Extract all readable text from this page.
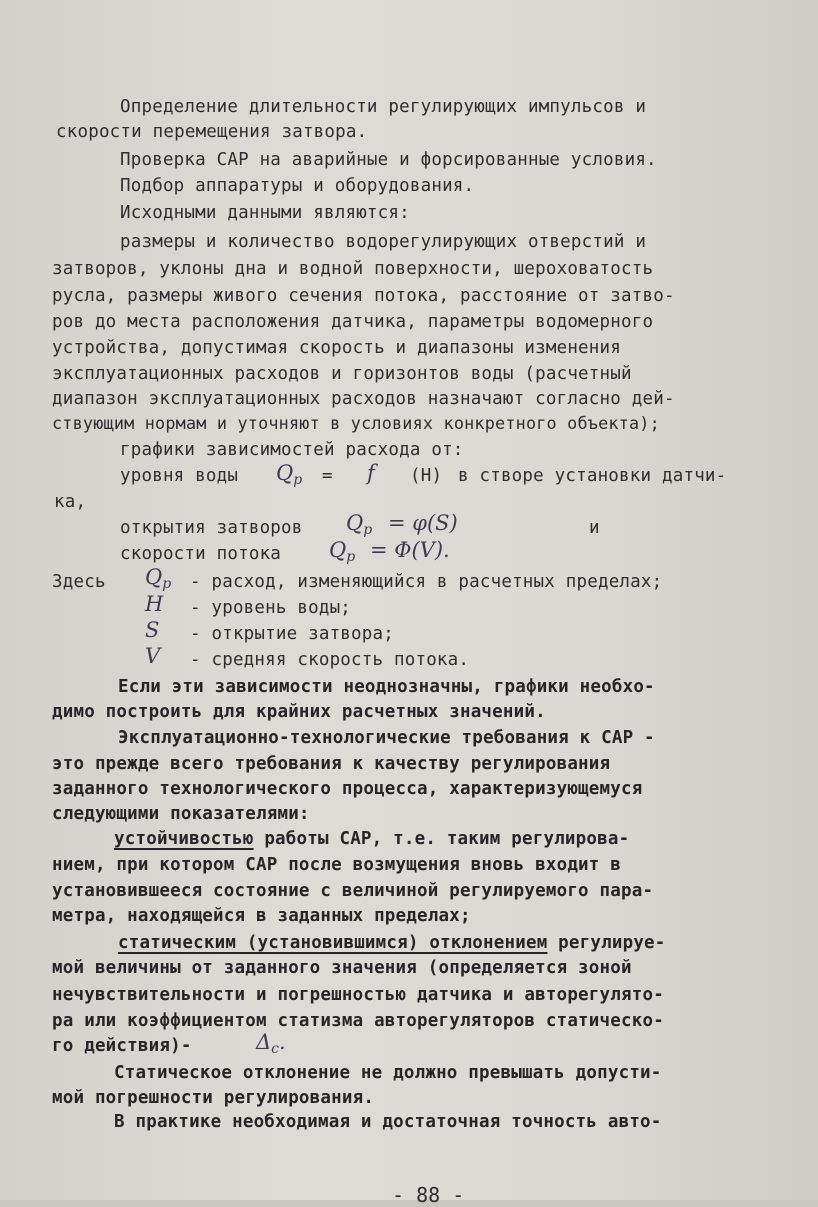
Определение длительности регулирующих импульсов и
скорости перемещения затвора.
Проверка САР на аварийные и форсированные условия.
Подбор аппаратуры и оборудования.
Исходными данными являются:
размеры и количество водорегулирующих отверстий и
затворов, уклоны дна и водной поверхности, шероховатость
русла, размеры живого сечения потока, расстояние от затво-
ров до места расположения датчика, параметры водомерного
устройства, допустимая скорость и диапазоны изменения
эксплуатационных расходов и горизонтов воды (расчетный
диапазон эксплуатационных расходов назначают согласно дей-
ствующим нормам и уточняют в условиях конкретного объекта);
графики зависимостей расхода от:
уровня воды $Q_р = f$ (H) в створе установки датчи-
ка,
открытия затворов $Q_р = \varphi(S)$	и
скорости потока $Q_р = \Phi(V)$.
Здесь $Q_р$ - расход, изменяющийся в расчетных пределах;
H - уровень воды;
S - открытие затвора;
V - средняя скорость потока.
Если эти зависимости неоднозначны, графики необхо-
димо построить для крайних расчетных значений.
Эксплуатационно-технологические требования к САР -
это прежде всего требования к качеству регулирования
заданного технологического процесса, характеризующемуся
следующими показателями:
устойчивостью работы САР, т.е. таким регулирова-
нием, при котором САР после возмущения вновь входит в
установившееся состояние с величиной регулируемого пара-
метра, находящейся в заданных пределах;
статическим (установившимся) отклонением регулируе-
мой величины от заданного значения (определяется зоной
нечувствительности и погрешностью датчика и авторегулято-
ра или коэффициентом статизма авторегуляторов статическо-
го действия)-	$\Delta_с$.
Статическое отклонение не должно превышать допусти-
мой погрешности регулирования.
В практике необходимая и достаточная точность авто-
- 88 -
